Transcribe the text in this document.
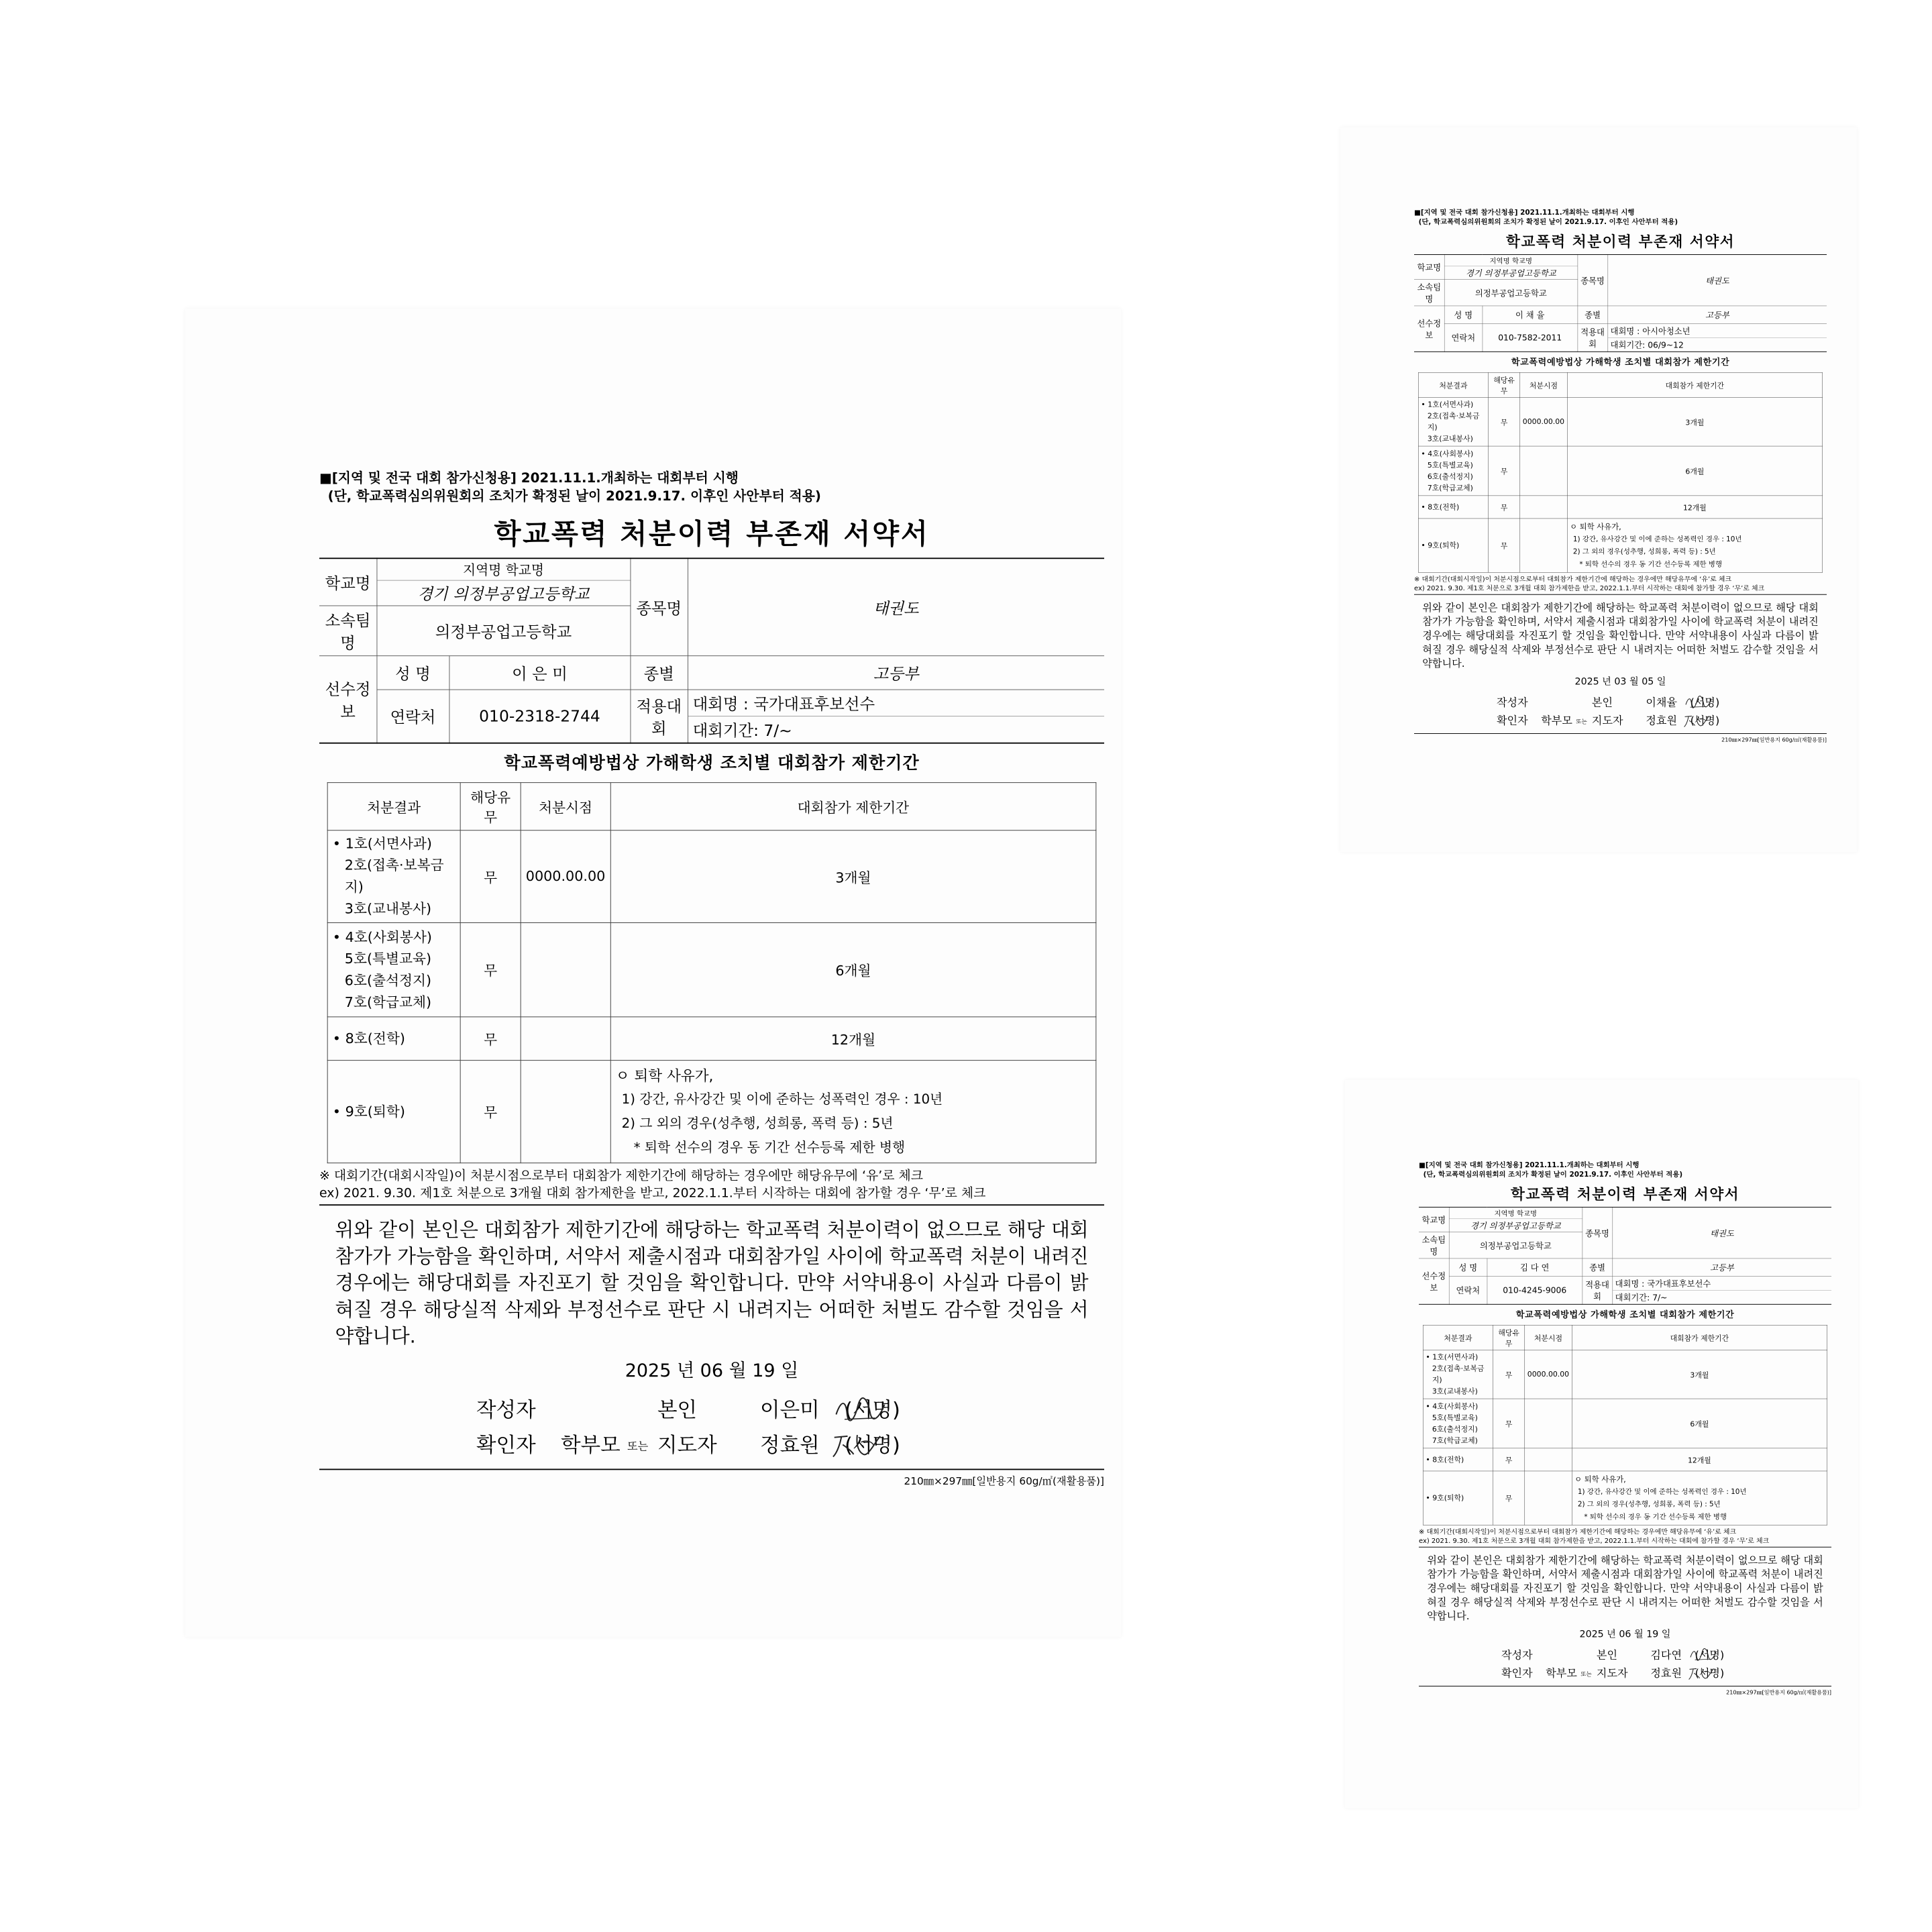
■[지역 및 전국 대회 참가신청용] 2021.11.1.개최하는 대회부터 시행
(단, 학교폭력심의위원회의 조치가 확정된 날이 2021.9.17. 이후인 사안부터 적용)
학교폭력 처분이력 부존재 서약서
학교명	지역명 학교명
경기 의정부공업고등학교		종목명	태권도
소속팀명	의정부공업고등학교			
선수정보	성 명	이 은 미	종별	고등부
	연락처	010-2318-2744	적용대회	대회명 : 국가대표후보선수
대회기간: 7/~
학교폭력예방법상 가해학생 조치별 대회참가 제한기간
처분결과	해당유무	처분시점	대회참가 제한기간

• 1호(서면사과)
2호(접촉·보복금지)
3호(교내봉사)	무	0000.00.00	3개월

• 4호(사회봉사)
5호(특별교육)
6호(출석정지)
7호(학급교체)	무		6개월

• 8호(전학)	무		12개월

• 9호(퇴학)	무		ㅇ 퇴학 사유가,
1) 강간, 유사강간 및 이에 준하는 성폭력인 경우 : 10년
2) 그 외의 경우(성추행, 성희롱, 폭력 등) : 5년
* 퇴학 선수의 경우 동 기간 선수등록 제한 병행
※ 대회기간(대회시작일)이 처분시점으로부터 대회참가 제한기간에 해당하는 경우에만 해당유무에 ‘유’로 체크
ex) 2021. 9.30. 제1호 처분으로 3개월 대회 참가제한을 받고, 2022.1.1.부터 시작하는 대회에 참가할 경우 ‘무’로 체크
위와 같이 본인은 대회참가 제한기간에 해당하는 학교폭력 처분이력이 없으므로 해당 대회 참가가 가능함을 확인하며, 서약서 제출시점과 대회참가일 사이에 학교폭력 처분이 내려진 경우에는 해당대회를 자진포기 할 것임을 확인합니다. 만약 서약내용이 사실과 다름이 밝혀질 경우 해당실적 삭제와 부정선수로 판단 시 내려지는 어떠한 처벌도 감수할 것임을 서약합니다.
2025 년 06 월 19 일
작성자	본인	이은미 (서명)
확인자 학부모 또는 지도자 정효원 (서명)
210㎜×297㎜[일반용지 60g/㎡(재활용품)]
■[지역 및 전국 대회 참가신청용] 2021.11.1.개최하는 대회부터 시행
(단, 학교폭력심의위원회의 조치가 확정된 날이 2021.9.17. 이후인 사안부터 적용)
학교폭력 처분이력 부존재 서약서
학교명	지역명 학교명
경기 의정부공업고등학교		종목명	태권도
소속팀명	의정부공업고등학교			
선수정보	성 명	이 채 율	종별	고등부
	연락처	010-7582-2011	적용대회	대회명 : 아시아청소년
대회기간: 06/9~12
학교폭력예방법상 가해학생 조치별 대회참가 제한기간
처분결과	해당유무	처분시점	대회참가 제한기간

• 1호(서면사과)
2호(접촉·보복금지)
3호(교내봉사)	무	0000.00.00	3개월

• 4호(사회봉사)
5호(특별교육)
6호(출석정지)
7호(학급교체)	무		6개월

• 8호(전학)	무		12개월

• 9호(퇴학)	무		ㅇ 퇴학 사유가,
1) 강간, 유사강간 및 이에 준하는 성폭력인 경우 : 10년
2) 그 외의 경우(성추행, 성희롱, 폭력 등) : 5년
* 퇴학 선수의 경우 동 기간 선수등록 제한 병행
※ 대회기간(대회시작일)이 처분시점으로부터 대회참가 제한기간에 해당하는 경우에만 해당유무에 ‘유’로 체크
ex) 2021. 9.30. 제1호 처분으로 3개월 대회 참가제한을 받고, 2022.1.1.부터 시작하는 대회에 참가할 경우 ‘무’로 체크
위와 같이 본인은 대회참가 제한기간에 해당하는 학교폭력 처분이력이 없으므로 해당 대회 참가가 가능함을 확인하며, 서약서 제출시점과 대회참가일 사이에 학교폭력 처분이 내려진 경우에는 해당대회를 자진포기 할 것임을 확인합니다. 만약 서약내용이 사실과 다름이 밝혀질 경우 해당실적 삭제와 부정선수로 판단 시 내려지는 어떠한 처벌도 감수할 것임을 서약합니다.
2025 년 03 월 05 일
작성자	본인 이채율 (서명)
확인자 학부모 또는 지도자 정효원 (서명)
210㎜×297㎜[일반용지 60g/㎡(재활용품)]
■[지역 및 전국 대회 참가신청용] 2021.11.1.개최하는 대회부터 시행
(단, 학교폭력심의위원회의 조치가 확정된 날이 2021.9.17. 이후인 사안부터 적용)
학교폭력 처분이력 부존재 서약서
학교명	지역명 학교명
경기 의정부공업고등학교		종목명	태권도
소속팀명	의정부공업고등학교			
선수정보	성 명	김 다 연	종별	고등부
	연락처	010-4245-9006	적용대회	대회명 : 국가대표후보선수
대회기간: 7/~
학교폭력예방법상 가해학생 조치별 대회참가 제한기간
처분결과	해당유무	처분시점	대회참가 제한기간

• 1호(서면사과)
2호(접촉·보복금지)
3호(교내봉사)	무	0000.00.00	3개월

• 4호(사회봉사)
5호(특별교육)
6호(출석정지)
7호(학급교체)	무		6개월

• 8호(전학)	무		12개월

• 9호(퇴학)	무		ㅇ 퇴학 사유가,
1) 강간, 유사강간 및 이에 준하는 성폭력인 경우 : 10년
2) 그 외의 경우(성추행, 성희롱, 폭력 등) : 5년
* 퇴학 선수의 경우 동 기간 선수등록 제한 병행
※ 대회기간(대회시작일)이 처분시점으로부터 대회참가 제한기간에 해당하는 경우에만 해당유무에 ‘유’로 체크
ex) 2021. 9.30. 제1호 처분으로 3개월 대회 참가제한을 받고, 2022.1.1.부터 시작하는 대회에 참가할 경우 ‘무’로 체크
위와 같이 본인은 대회참가 제한기간에 해당하는 학교폭력 처분이력이 없으므로 해당 대회 참가가 가능함을 확인하며, 서약서 제출시점과 대회참가일 사이에 학교폭력 처분이 내려진 경우에는 해당대회를 자진포기 할 것임을 확인합니다. 만약 서약내용이 사실과 다름이 밝혀질 경우 해당실적 삭제와 부정선수로 판단 시 내려지는 어떠한 처벌도 감수할 것임을 서약합니다.
2025 년 06 월 19 일
작성자	본인 김다연 (서명)
확인자 학부모 또는 지도자 정효원 (서명)
210㎜×297㎜[일반용지 60g/㎡(재활용품)]
